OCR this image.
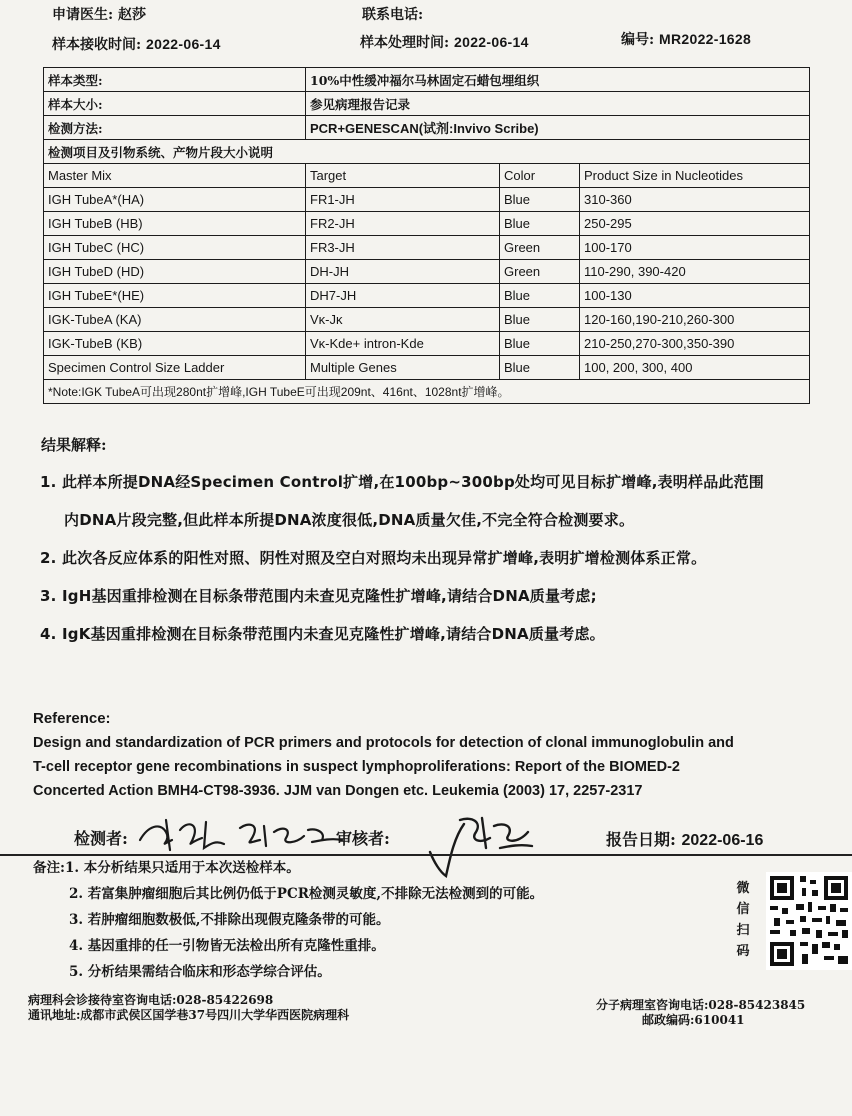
申请医生: 赵莎	联系电话:
样本接收时间: 2022-06-14	样本处理时间: 2022-06-14	编号: MR2022-1628
样本类型:	10%中性缓冲福尔马林固定石蜡包埋组织		
样本大小:	参见病理报告记录		
检测方法:	PCR+GENESCAN(试剂:Invivo Scribe)		
检测项目及引物系统、产物片段大小说明			
Master Mix	Target	Color	Product Size in Nucleotides
IGH TubeA*(HA)	FR1-JH	Blue	310-360
IGH TubeB (HB)	FR2-JH	Blue	250-295
IGH TubeC (HC)	FR3-JH	Green	100-170
IGH TubeD (HD)	DH-JH	Green	110-290, 390-420
IGH TubeE*(HE)	DH7-JH	Blue	100-130
IGK-TubeA (KA)	Vκ-Jκ	Blue	120-160,190-210,260-300
IGK-TubeB (KB)	Vκ-Kde+ intron-Kde	Blue	210-250,270-300,350-390
Specimen Control Size Ladder	Multiple Genes	Blue	100, 200, 300, 400
*Note:IGK TubeA可出现280nt扩增峰,IGH TubeE可出现209nt、416nt、1028nt扩增峰。			
结果解释:
1. 此样本所提DNA经Specimen Control扩增,在100bp~300bp处均可见目标扩增峰,表明样品此范围
内DNA片段完整,但此样本所提DNA浓度很低,DNA质量欠佳,不完全符合检测要求。
2. 此次各反应体系的阳性对照、阴性对照及空白对照均未出现异常扩增峰,表明扩增检测体系正常。
3. IgH基因重排检测在目标条带范围内未查见克隆性扩增峰,请结合DNA质量考虑;
4. IgK基因重排检测在目标条带范围内未查见克隆性扩增峰,请结合DNA质量考虑。
Reference:
Design and standardization of PCR primers and protocols for detection of clonal immunoglobulin and
T-cell receptor gene recombinations in suspect lymphoproliferations: Report of the BIOMED-2
Concerted Action BMH4-CT98-3936. JJM van Dongen etc. Leukemia (2003) 17, 2257-2317
检测者:	审核者:	报告日期: 2022-06-16
备注:1. 本分析结果只适用于本次送检样本。
2. 若富集肿瘤细胞后其比例仍低于PCR检测灵敏度,不排除无法检测到的可能。
3. 若肿瘤细胞数极低,不排除出现假克隆条带的可能。
4. 基因重排的任一引物皆无法检出所有克隆性重排。
5. 分析结果需结合临床和形态学综合评估。
微信扫码
病理科会诊接待室咨询电话:028-85422698
通讯地址:成都市武侯区国学巷37号四川大学华西医院病理科
分子病理室咨询电话:028-85423845
邮政编码:610041
